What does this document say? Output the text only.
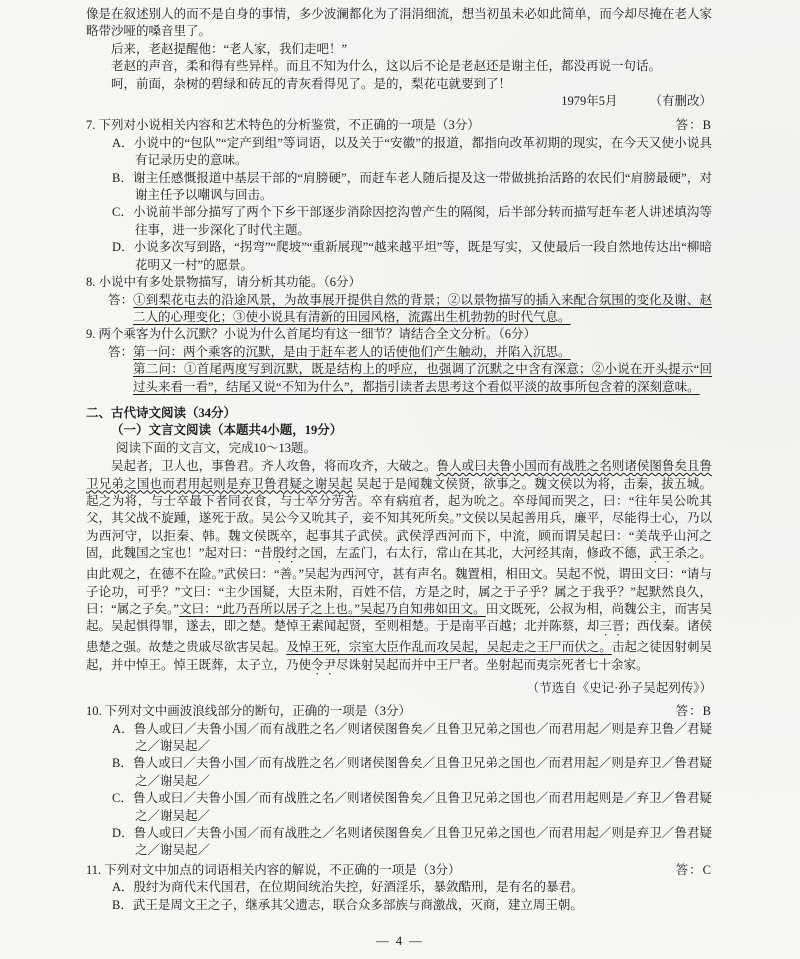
像是在叙述别人的而不是自身的事情，多少波澜都化为了涓涓细流，想当初虽未必如此简单，而今却尽掩在老人家略带沙哑的嗓音里了。

后来，老赵提醒他：“老人家，我们走吧！”

老赵的声音，柔和得有些异样。而且不知为什么，这以后不论是老赵还是谢主任，都没再说一句话。

呵，前面，杂树的碧绿和砖瓦的青灰看得见了。是的，梨花屯就要到了！

1979年5月	（有删改）
7. 下列对小说相关内容和艺术特色的分析鉴赏，不正确的一项是（3分）	答：B

A．小说中的“包队”“定产到组”等词语，以及关于“安徽”的报道，都指向改革初期的现实，在今天又使小说具有记录历史的意味。

B．谢主任感慨报道中基层干部的“肩膀硬”，而赶车老人随后提及这一带做挑抬活路的农民们“肩膀最硬”，对谢主任予以嘲讽与回击。

C．小说前半部分描写了两个下乡干部逐步消除因挖沟曾产生的隔阂，后半部分转而描写赶车老人讲述填沟等往事，进一步深化了时代主题。

D．小说多次写到路，“拐弯”“爬坡”“重新展现”“越来越平坦”等，既是写实，又使最后一段自然地传达出“柳暗花明又一村”的愿景。

8. 小说中有多处景物描写，请分析其功能。（6分）

答：①到梨花屯去的沿途风景，为故事展开提供自然的背景；②以景物描写的插入来配合氛围的变化及谢、赵二人的心理变化；③使小说具有清新的田园风格，流露出生机勃勃的时代气息。

9. 两个乘客为什么沉默？小说为什么首尾均有这一细节？请结合全文分析。（6分）

答：第一问：两个乘客的沉默，是由于赶车老人的话使他们产生触动，并陷入沉思。

第二问：①首尾两度写到沉默，既是结构上的呼应，也强调了沉默之中含有深意；②小说在开头提示“回过头来看一看”，结尾又说“不知为什么”，都指引读者去思考这个看似平淡的故事所包含着的深刻意味。

二、古代诗文阅读（34分）

（一）文言文阅读（本题共4小题，19分）

阅读下面的文言文，完成10～13题。

吴起者，卫人也，事鲁君。齐人攻鲁，将而攻齐，大破之。鲁人或曰夫鲁小国而有战胜之名则诸侯图鲁矣且鲁卫兄弟之国也而君用起则是弃卫鲁君疑之谢吴起 吴起于是闻魏文侯贤，欲事之。魏文侯以为将，击秦，拔五城。起之为将，与士卒最下者同衣食，与士卒分劳苦。卒有病疽者，起为吮之。卒母闻而哭之，曰：“往年吴公吮其父，其父战不旋踵，遂死于敌。吴公今又吮其子，妾不知其死所矣。”文侯以吴起善用兵，廉平，尽能得士心，乃以为西河守，以拒秦、韩。魏文侯既卒，起事其子武侯。武侯浮西河而下，中流，顾而谓吴起曰：“美哉乎山河之固，此魏国之宝也！”起对曰：“昔殷纣之国，左孟门，右太行，常山在其北，大河经其南，修政不德，武王杀之。由此观之，在德不在险。”武侯曰：“善。”吴起为西河守，甚有声名。魏置相，相田文。吴起不悦，谓田文曰：“请与子论功，可乎？”文曰：“主少国疑，大臣未附，百姓不信，方是之时，属之于子乎？属之于我乎？”起默然良久，曰：“属之子矣。”文曰：“此乃吾所以居子之上也。”吴起乃自知弗如田文。田文既死，公叔为相，尚魏公主，而害吴起。吴起惧得罪，遂去，即之楚。楚悼王素闻起贤，至则相楚。于是南平百越；北并陈蔡，却三晋；西伐秦。诸侯患楚之强。故楚之贵戚尽欲害吴起。及悼王死，宗室大臣作乱而攻吴起，吴起走之王尸而伏之。击起之徒因射刺吴起，并中悼王。悼王既葬，太子立，乃使令尹尽诛射吴起而并中王尸者。坐射起而夷宗死者七十余家。

（节选自《史记·孙子吴起列传》）

10. 下列对文中画波浪线部分的断句，正确的一项是（3分）	答：B

A．鲁人或曰／夫鲁小国／而有战胜之名／则诸侯图鲁矣／且鲁卫兄弟之国也／而君用起／则是弃卫鲁／君疑之／谢吴起／

B．鲁人或曰／夫鲁小国／而有战胜之名／则诸侯图鲁矣／且鲁卫兄弟之国也／而君用起／则是弃卫／鲁君疑之／谢吴起／

C．鲁人或曰／夫鲁小国／而有战胜之名／则诸侯图鲁矣／且鲁卫兄弟之国也／而君用起则是／弃卫／鲁君疑之／谢吴起／

D．鲁人或曰／夫鲁小国／而有战胜之／名则诸侯图鲁矣／且鲁卫兄弟之国也／而君用起／则是弃卫／鲁君疑之／谢吴起／

11. 下列对文中加点的词语相关内容的解说，不正确的一项是（3分）	答：C

A．殷纣为商代末代国君，在位期间统治失控，好酒淫乐，暴敛酷刑，是有名的暴君。

B．武王是周文王之子，继承其父遗志，联合众多部族与商激战，灭商，建立周王朝。

— 4 —
